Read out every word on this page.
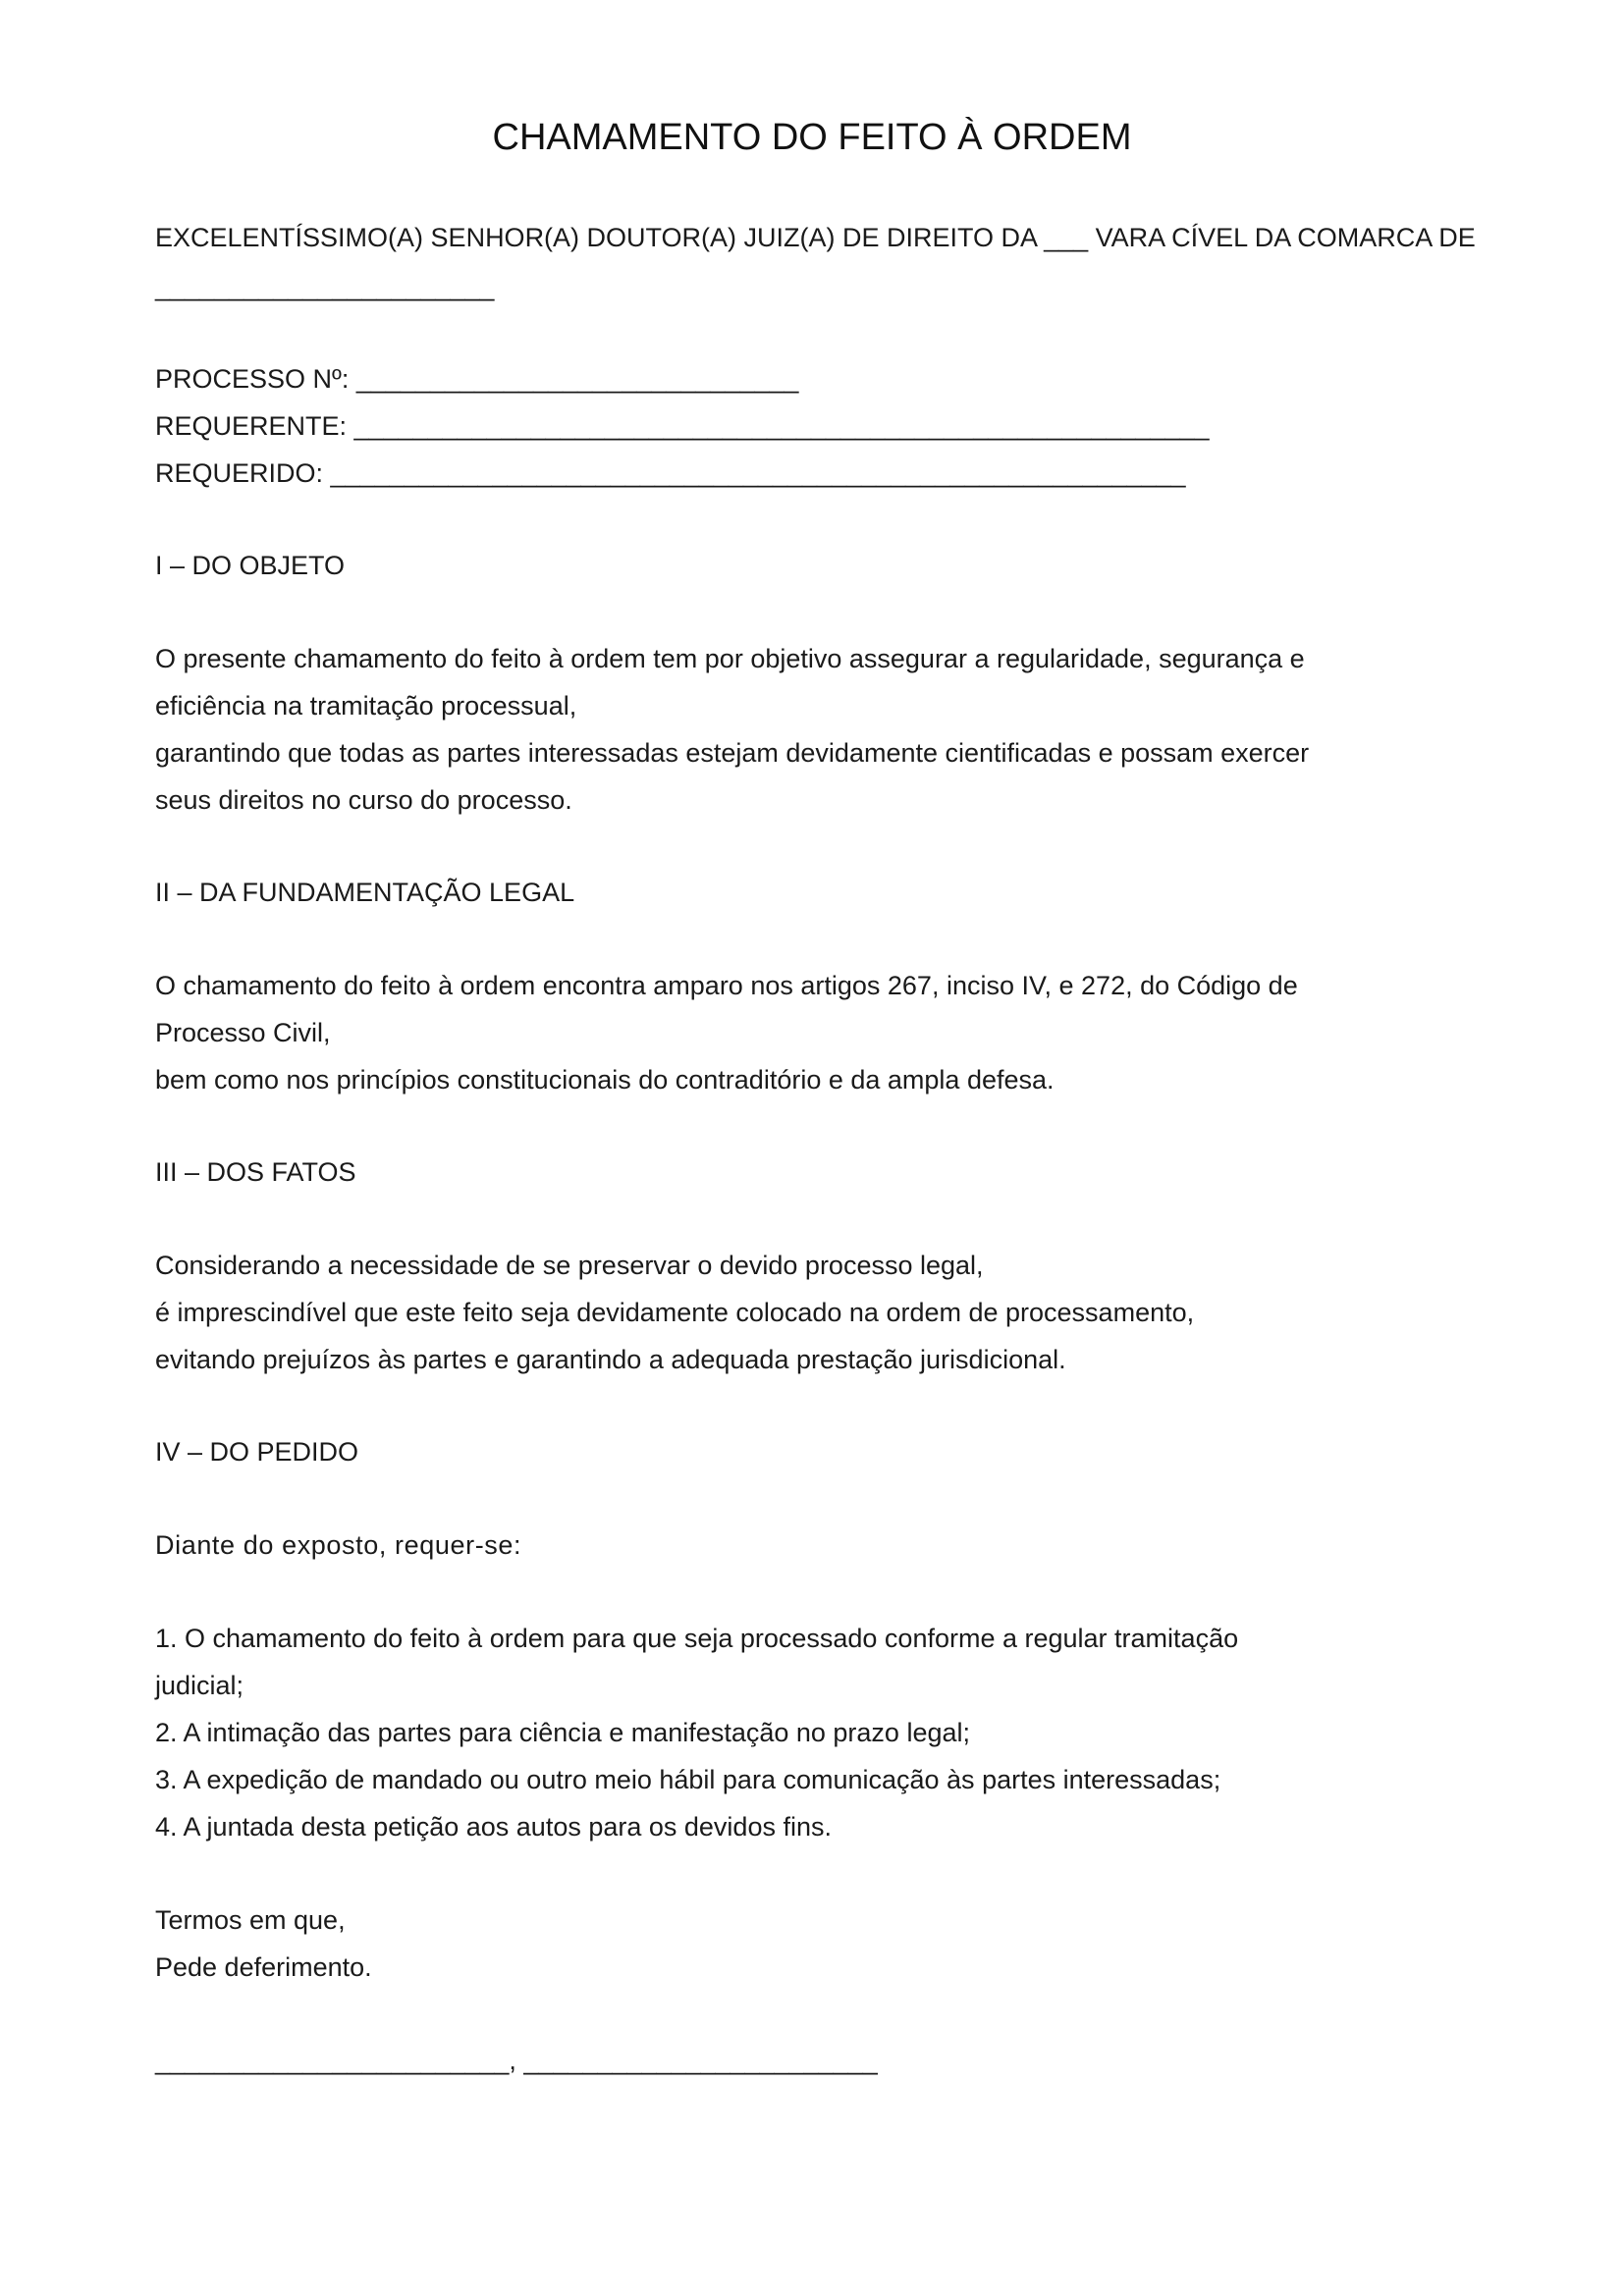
CHAMAMENTO DO FEITO À ORDEM
EXCELENTÍSSIMO(A) SENHOR(A) DOUTOR(A) JUIZ(A) DE DIREITO DA ___ VARA CÍVEL DA COMARCA DE
_______________________
PROCESSO Nº: ______________________________
REQUERENTE: __________________________________________________________
REQUERIDO: __________________________________________________________
I – DO OBJETO
O presente chamamento do feito à ordem tem por objetivo assegurar a regularidade, segurança e
eficiência na tramitação processual,
garantindo que todas as partes interessadas estejam devidamente cientificadas e possam exercer
seus direitos no curso do processo.
II – DA FUNDAMENTAÇÃO LEGAL
O chamamento do feito à ordem encontra amparo nos artigos 267, inciso IV, e 272, do Código de
Processo Civil,
bem como nos princípios constitucionais do contraditório e da ampla defesa.
III – DOS FATOS
Considerando a necessidade de se preservar o devido processo legal,
é imprescindível que este feito seja devidamente colocado na ordem de processamento,
evitando prejuízos às partes e garantindo a adequada prestação jurisdicional.
IV – DO PEDIDO
Diante do exposto, requer-se:
1. O chamamento do feito à ordem para que seja processado conforme a regular tramitação
judicial;
2. A intimação das partes para ciência e manifestação no prazo legal;
3. A expedição de mandado ou outro meio hábil para comunicação às partes interessadas;
4. A juntada desta petição aos autos para os devidos fins.
Termos em que,
Pede deferimento.
________________________, ________________________
